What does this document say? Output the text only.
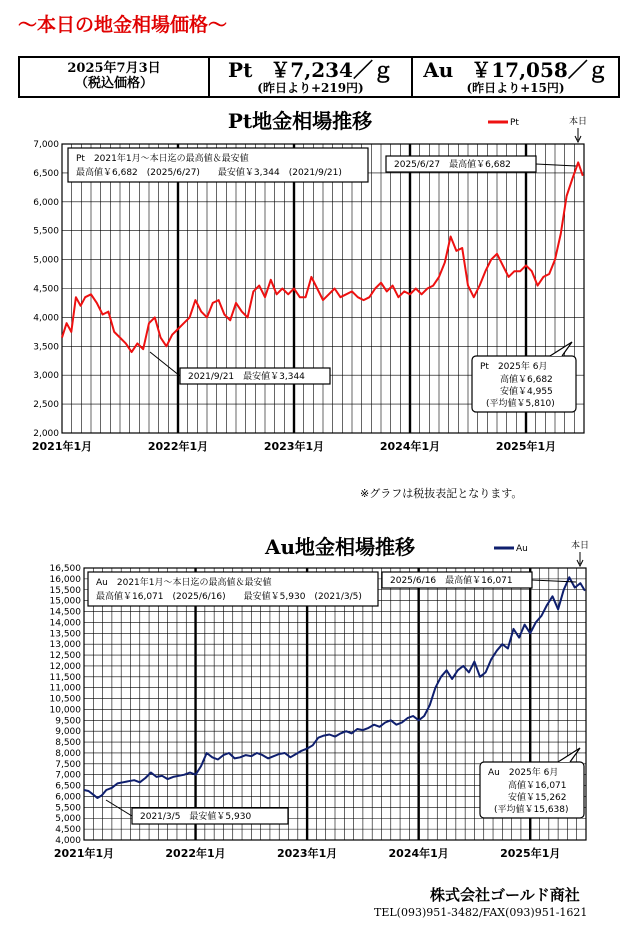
～本日の地金相場価格～
2025年7月3日
（税込価格）
Pt ￥7,234／ｇ
(昨日より+219円)
Au ￥17,058／ｇ
(昨日より+15円)
Pt地金相場推移	Pt
2,000
2,500
3,000
3,500
4,000
4,500
5,000
5,500
6,000
6,500
7,000
2021年1月	2022年1月	2023年1月	2024年1月	2025年1月
本日
Pt　2021年1月～本日迄の最高値＆最安値
最高値￥6,682　(2025/6/27)　　最安値￥3,344　(2021/9/21)
2025/6/27　最高値￥6,682
2021/9/21　最安値￥3,344
Pt　2025年 6月
高値￥6,682
安値￥4,955
(平均値￥5,810)
※グラフは税抜表記となります。
Au地金相場推移	Au
4,000
4,500
5,000
5,500
6,000
6,500
7,000
7,500
8,000
8,500
9,000
9,500
10,000
10,500
11,000
11,500
12,000
12,500
13,000
13,500
14,000
14,500
15,000
15,500
16,000
16,500
2021年1月	2022年1月	2023年1月	2024年1月	2025年1月
本日
Au　2021年1月～本日迄の最高値＆最安値
最高値￥16,071　(2025/6/16)　　最安値￥5,930　(2021/3/5)
2025/6/16　最高値￥16,071
2021/3/5　最安値￥5,930
Au　2025年 6月
高値￥16,071
安値￥15,262
(平均値￥15,638)
株式会社ゴールド商社
TEL(093)951-3482/FAX(093)951-1621
